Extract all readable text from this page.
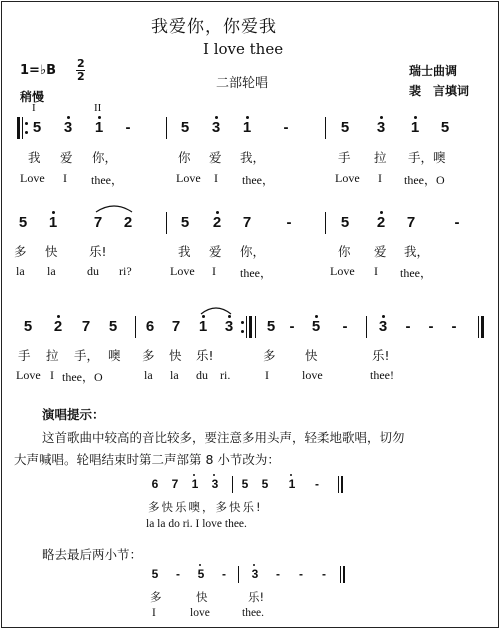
我爱你，你爱我
I love thee
1=♭B 2
2
稍慢
二部轮唱
瑞士曲调
裴　言填词
I	II
5 3 1	-	5 3 1	-	5 3 1 5
我 爱 你，	你 爱 我，	手 拉 手，噢
Love I thee，	Love I thee，	Love I thee，O
5 1 7 2	5 2 7	-	5 2 7	-
多 快	乐!	我 爱 你，	你 爱 我，
la la	du ri?	Love I thee，	Love I thee，
5 2 7 5 6 7 1 3 5 -	5	-	3	-	-	-
手 拉 手， 噢 多 快 乐!	多 快	乐!
Love I thee，O	la la du ri.	I	love	thee!
演唱提示：
这首歌曲中较高的音比较多，要注意多用头声，轻柔地歌唱，切勿
大声喊唱。轮唱结束时第二声部第 8 小节改为：
6 7 1 3 5 5 1 -
多快乐噢，多快乐!
la la do ri. I love thee.
略去最后两小节：
5 - 5 - 3 - - -
多	快	乐!
I	love	thee.
